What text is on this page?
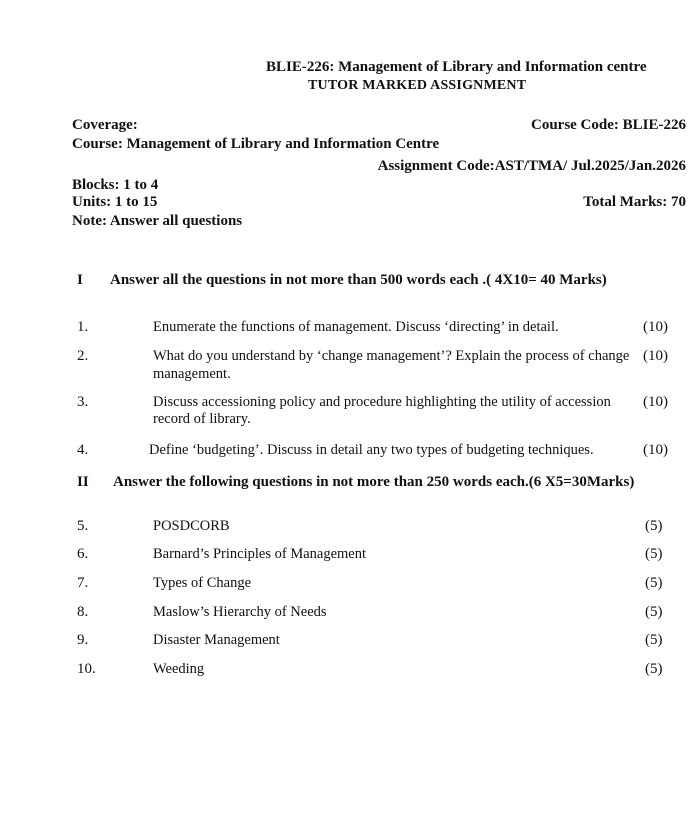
BLIE-226: Management of Library and Information centre
TUTOR MARKED ASSIGNMENT
Coverage:	Course Code: BLIE-226
Course: Management of Library and Information Centre
Assignment Code:AST/TMA/ Jul.2025/Jan.2026
Blocks: 1 to 4
Units: 1 to 15	Total Marks: 70
Note: Answer all questions
I Answer all the questions in not more than 500 words each .( 4X10= 40 Marks)
1.	Enumerate the functions of management. Discuss ‘directing’ in detail.	(10)
2.	What do you understand by ‘change management’? Explain the process of change
management.
(10)
3.	Discuss accessioning policy and procedure highlighting the utility of accession
record of library.
(10)
4.	Define ‘budgeting’. Discuss in detail any two types of budgeting techniques.	(10)
II Answer the following questions in not more than 250 words each.(6 X5=30Marks)
5.	POSDCORB	(5)
6.	Barnard’s Principles of Management	(5)
7.	Types of Change	(5)
8.	Maslow’s Hierarchy of Needs	(5)
9.	Disaster Management	(5)
10.	Weeding	(5)
